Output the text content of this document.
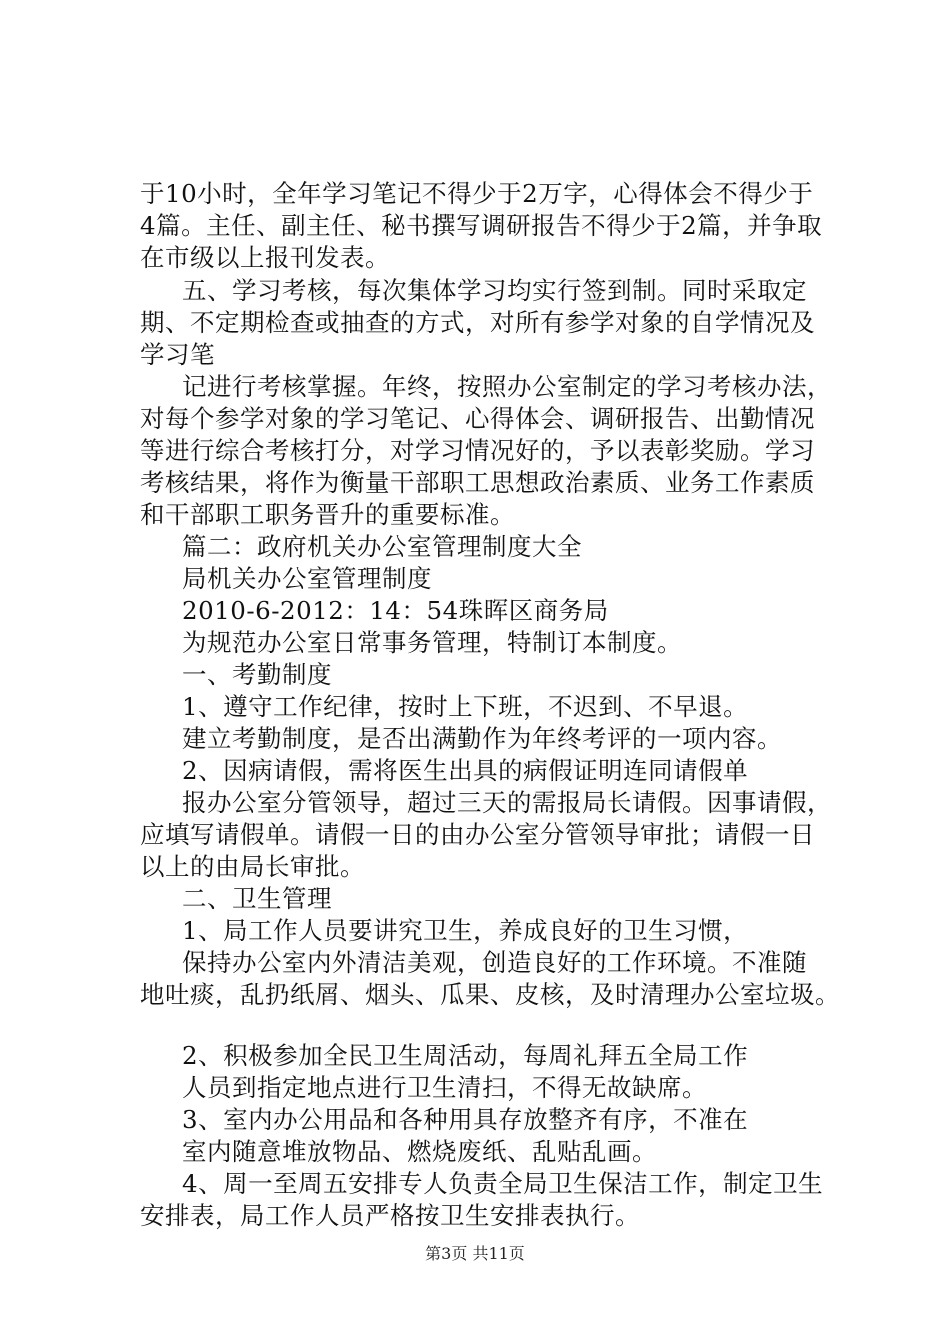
于10小时，全年学习笔记不得少于2万字，心得体会不得少于
4篇。主任、副主任、秘书撰写调研报告不得少于2篇，并争取
在市级以上报刊发表。
五、学习考核，每次集体学习均实行签到制。同时采取定
期、不定期检查或抽查的方式，对所有参学对象的自学情况及
学习笔
记进行考核掌握。年终，按照办公室制定的学习考核办法，
对每个参学对象的学习笔记、心得体会、调研报告、出勤情况
等进行综合考核打分，对学习情况好的，予以表彰奖励。学习
考核结果，将作为衡量干部职工思想政治素质、业务工作素质
和干部职工职务晋升的重要标准。
篇二：政府机关办公室管理制度大全
局机关办公室管理制度
2010-6-2012：14：54珠晖区商务局
为规范办公室日常事务管理，特制订本制度。
一、考勤制度
1、遵守工作纪律，按时上下班，不迟到、不早退。
建立考勤制度，是否出满勤作为年终考评的一项内容。
2、因病请假，需将医生出具的病假证明连同请假单
报办公室分管领导，超过三天的需报局长请假。因事请假，
应填写请假单。请假一日的由办公室分管领导审批；请假一日
以上的由局长审批。
二、卫生管理
1、局工作人员要讲究卫生，养成良好的卫生习惯，
保持办公室内外清洁美观，创造良好的工作环境。不准随
地吐痰，乱扔纸屑、烟头、瓜果、皮核，及时清理办公室垃圾。
2、积极参加全民卫生周活动，每周礼拜五全局工作
人员到指定地点进行卫生清扫，不得无故缺席。
3、室内办公用品和各种用具存放整齐有序，不准在
室内随意堆放物品、燃烧废纸、乱贴乱画。
4、周一至周五安排专人负责全局卫生保洁工作，制定卫生
安排表，局工作人员严格按卫生安排表执行。
第3页 共11页
